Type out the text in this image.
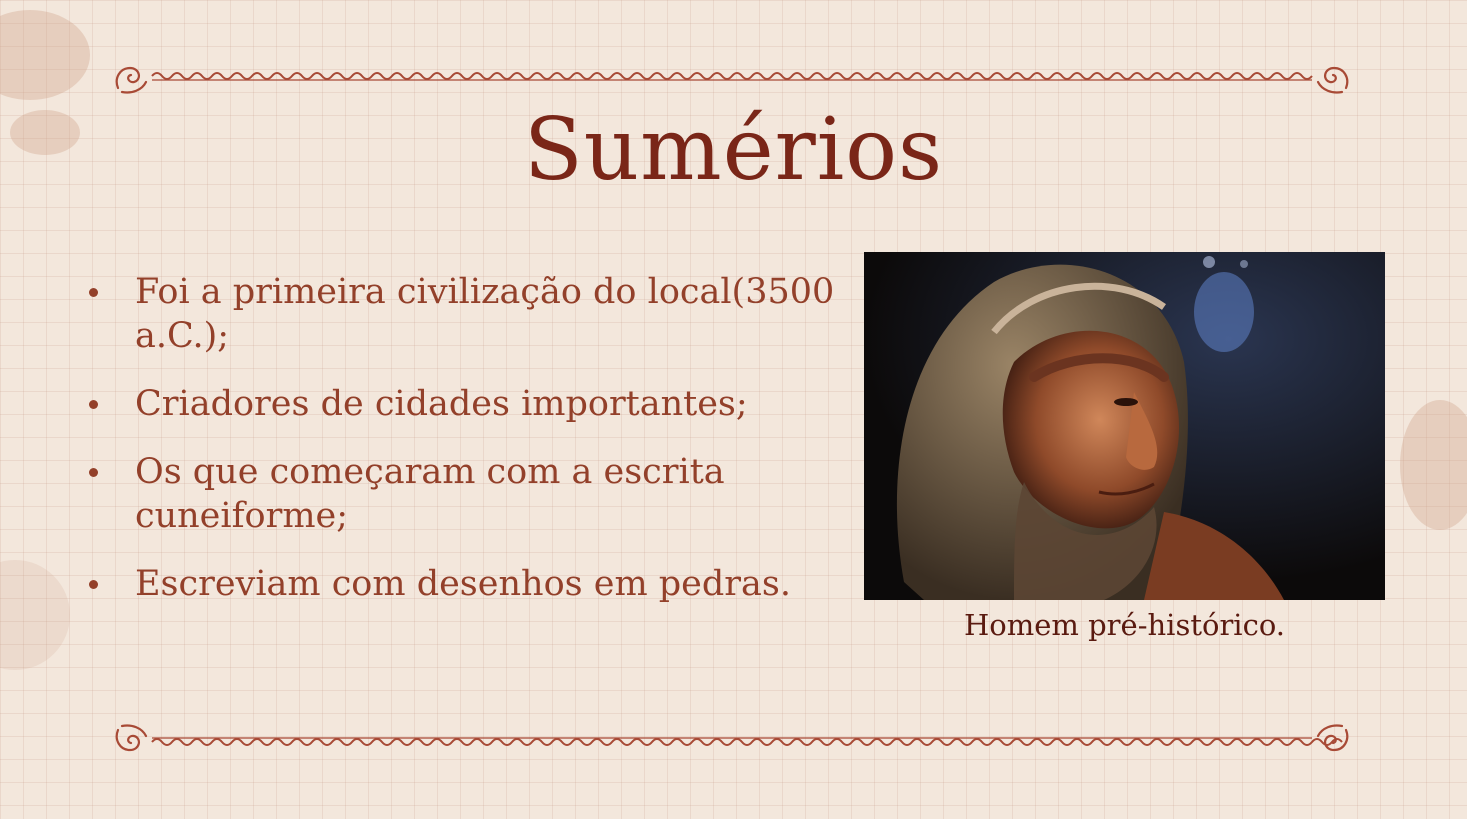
Sumérios
Foi a primeira civilização do local(3500 a.C.);
Criadores de cidades importantes;
Os que começaram com a escrita cuneiforme;
Escreviam com desenhos em pedras.
Homem pré-histórico.
